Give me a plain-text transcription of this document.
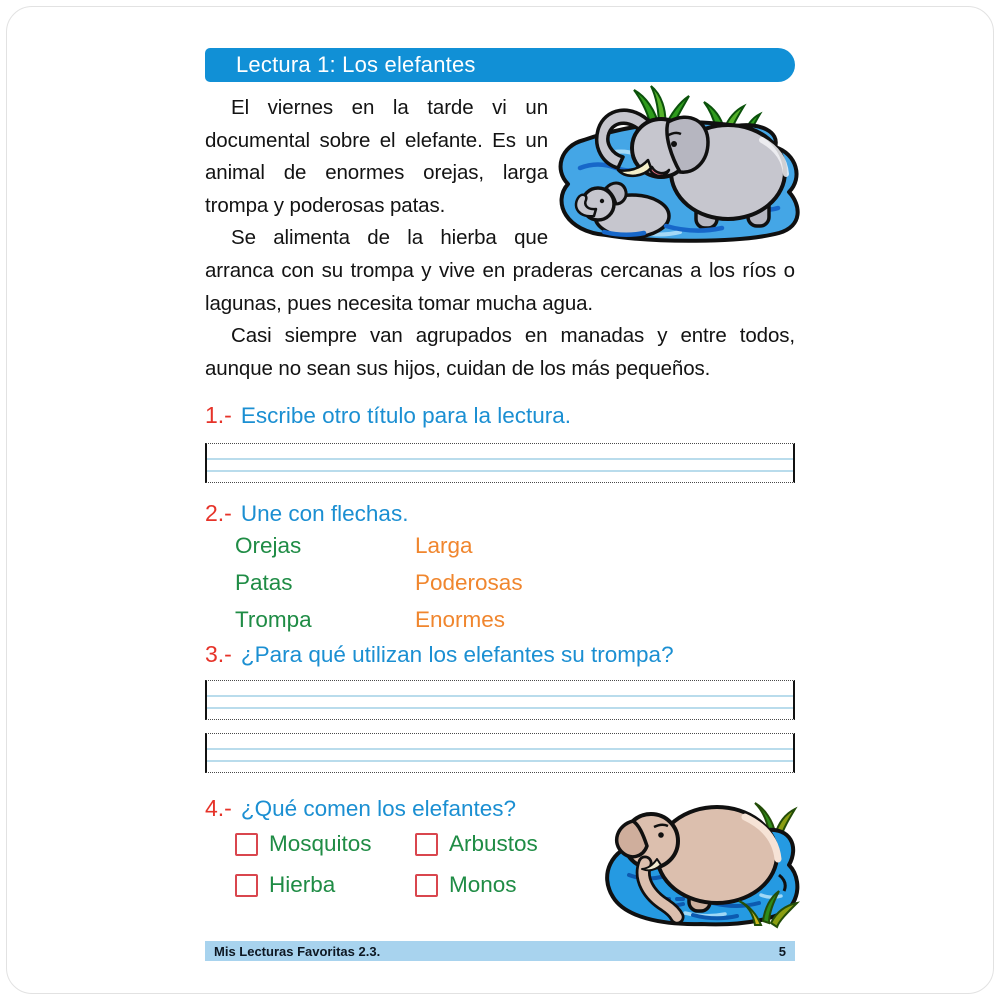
Lectura 1: Los elefantes

El viernes en la tarde vi un documental sobre el elefante. Es un animal de enormes orejas, larga trompa y poderosas patas.

Se alimenta de la hierba que arranca con su trompa y vive en praderas cercanas a los ríos o lagunas, pues necesita tomar mucha agua.

Casi siempre van agrupados en manadas y entre todos, aunque no sean sus hijos, cuidan de los más pequeños.

1.- Escribe otro título para la lectura.
2.- Une con flechas.
Orejas	Larga
Patas	Poderosas
Trompa	Enormes
3.- ¿Para qué utilizan los elefantes su trompa?
4.- ¿Qué comen los elefantes?
Mosquitos	Arbustos
Hierba	Monos
Mis Lecturas Favoritas 2.3.	5
